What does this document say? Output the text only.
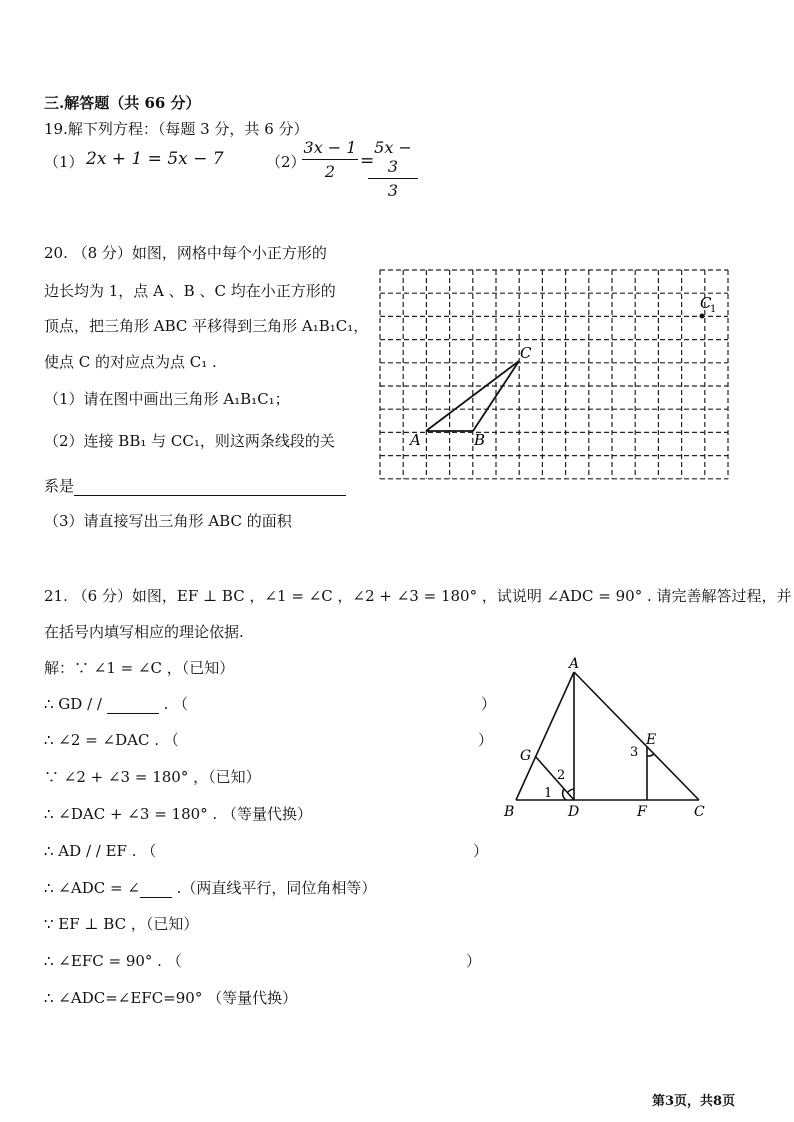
三.解答题（共 66 分）
19.解下列方程：（每题 3 分，共 6 分）
（1） 2x + 1 = 5x − 7	（2）
3x − 1
2
=
5x − 3
3
20. （8 分）如图，网格中每个小正方形的
边长均为 1，点 A 、B 、C 均在小正方形的
顶点，把三角形 ABC 平移得到三角形 A₁B₁C₁，
使点 C 的对应点为点 C₁ .
（1）请在图中画出三角形 A₁B₁C₁；
（2）连接 BB₁ 与 CC₁，则这两条线段的关
系是
（3）请直接写出三角形 ABC 的面积
A	B
C
C
1
21. （6 分）如图，EF ⊥ BC ，∠1 = ∠C ，∠2 + ∠3 = 180° ，试说明 ∠ADC = 90° . 请完善解答过程，并
在括号内填写相应的理论依据.
解：∵ ∠1 = ∠C ，（已知）
∴ GD / /	. （	）
∴ ∠2 = ∠DAC . （	）
∵ ∠2 + ∠3 = 180° ，（已知）
∴ ∠DAC + ∠3 = 180° . （等量代换）
∴ AD / / EF . （	）
∴ ∠ADC = ∠ .（两直线平行，同位角相等）
∵ EF ⊥ BC ，（已知）
∴ ∠EFC = 90° . （	）
∴ ∠ADC=∠EFC=90° （等量代换）
A
B	C
D
E
F
G
1
2
3
第3页，共8页
